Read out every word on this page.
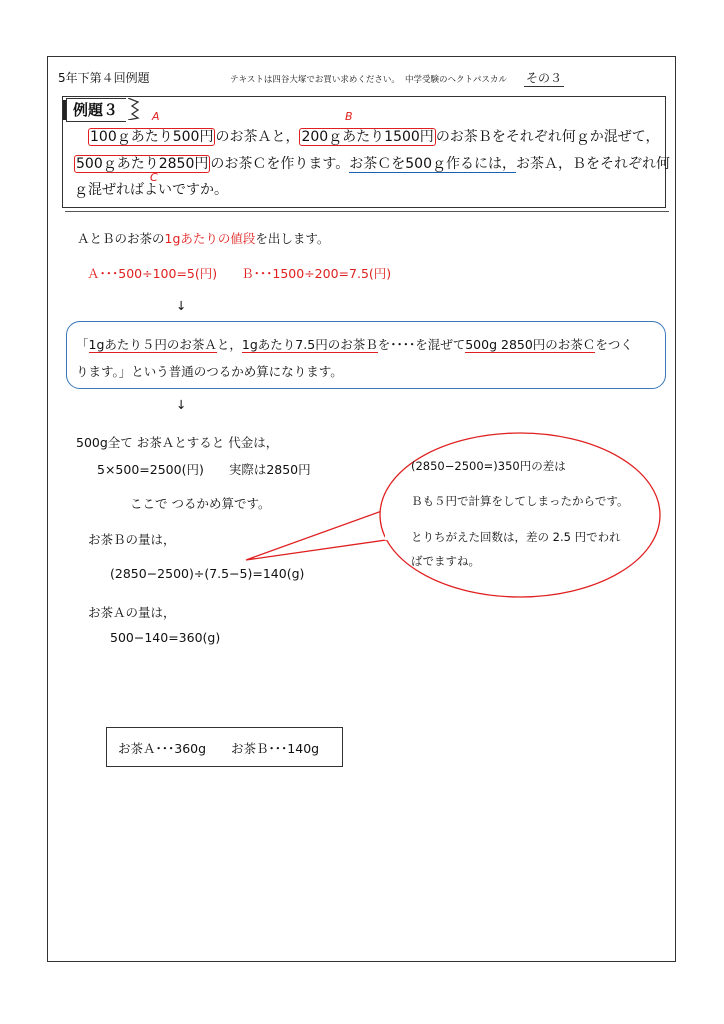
5年下第４回例題	テキストは四谷大塚でお買い求めください。 中学受験のヘクトパスカル その３
例題３	A	B
C
100ｇあたり500円 のお茶Ａと， 200ｇあたり1500円 のお茶Ｂをそれぞれ何ｇか混ぜて，
500ｇあたり2850円 のお茶Ｃを作ります。お茶Ｃを500ｇ作るには，お茶Ａ，Ｂをそれぞれ何
ｇ混ぜればよいですか。
ＡとＢのお茶の1gあたりの値段を出します。
Ａ･･･500÷100=5(円) Ｂ･･･1500÷200=7.5(円)
↓
「1gあたり５円のお茶Ａと，1gあたり7.5円のお茶Ｂを････を混ぜて500g 2850円のお茶Ｃをつく
ります。」という普通のつるかめ算になります。
↓
500g全て お茶Ａとすると 代金は，
5×500=2500(円)　　実際は2850円
ここで つるかめ算です。
お茶Ｂの量は，
(2850−2500)÷(7.5−5)=140(g)
お茶Ａの量は，
500−140=360(g)
(2850−2500=)350円の差は
Ｂも５円で計算をしてしまったからです。
とりちがえた回数は，差の 2.5 円でわれ
ばでますね。
お茶Ａ･･･360g　　お茶Ｂ･･･140g
